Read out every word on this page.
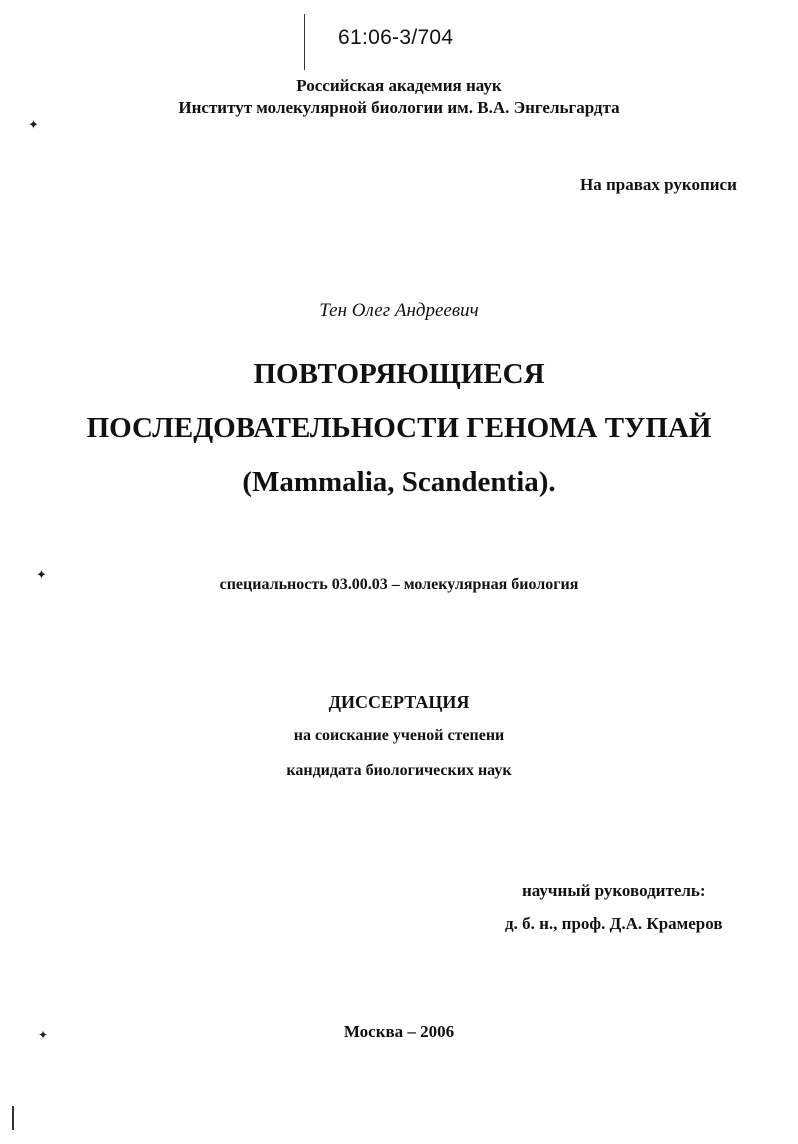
✦
✦
✦
61:06-3/704
Российская академия наук
Институт молекулярной биологии им. В.А. Энгельгардта
На правах рукописи
Тен Олег Андреевич
ПОВТОРЯЮЩИЕСЯ
ПОСЛЕДОВАТЕЛЬНОСТИ ГЕНОМА ТУПАЙ
(Mammalia, Scandentia).
специальность 03.00.03 – молекулярная биология
ДИССЕРТАЦИЯ
на соискание ученой степени
кандидата биологических наук
научный руководитель:
д. б. н., проф. Д.А. Крамеров
Москва – 2006
